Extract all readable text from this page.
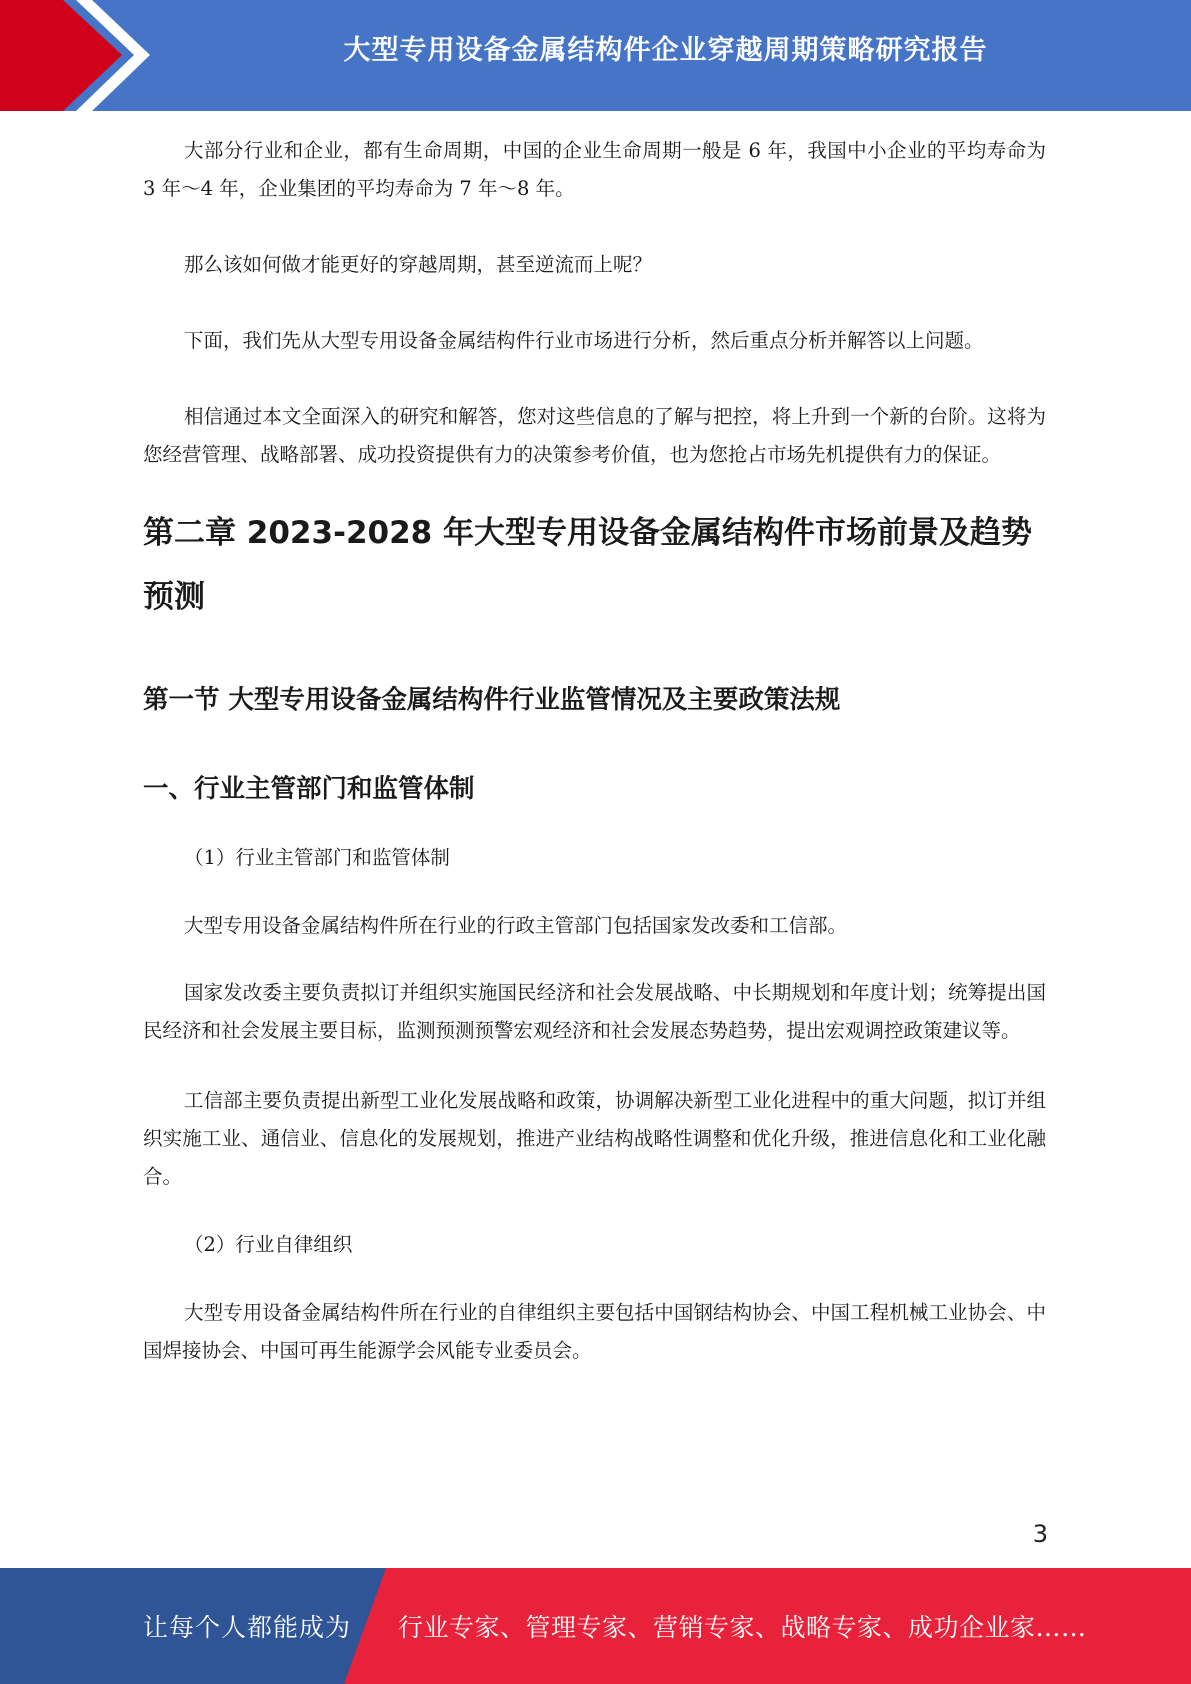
大型专用设备金属结构件企业穿越周期策略研究报告

大部分行业和企业，都有生命周期，中国的企业生命周期一般是 6 年，我国中小企业的平均寿命为 3 年～4 年，企业集团的平均寿命为 7 年～8 年。

那么该如何做才能更好的穿越周期，甚至逆流而上呢？

下面，我们先从大型专用设备金属结构件行业市场进行分析，然后重点分析并解答以上问题。

相信通过本文全面深入的研究和解答，您对这些信息的了解与把控，将上升到一个新的台阶。这将为您经营管理、战略部署、成功投资提供有力的决策参考价值，也为您抢占市场先机提供有力的保证。

第二章 2023-2028 年大型专用设备金属结构件市场前景及趋势预测
第一节 大型专用设备金属结构件行业监管情况及主要政策法规
一、行业主管部门和监管体制

（1）行业主管部门和监管体制

大型专用设备金属结构件所在行业的行政主管部门包括国家发改委和工信部。

国家发改委主要负责拟订并组织实施国民经济和社会发展战略、中长期规划和年度计划；统筹提出国民经济和社会发展主要目标，监测预测预警宏观经济和社会发展态势趋势，提出宏观调控政策建议等。

工信部主要负责提出新型工业化发展战略和政策，协调解决新型工业化进程中的重大问题，拟订并组织实施工业、通信业、信息化的发展规划，推进产业结构战略性调整和优化升级，推进信息化和工业化融合。

（2）行业自律组织

大型专用设备金属结构件所在行业的自律组织主要包括中国钢结构协会、中国工程机械工业协会、中国焊接协会、中国可再生能源学会风能专业委员会。

3
让每个人都能成为 行业专家、管理专家、营销专家、战略专家、成功企业家……
